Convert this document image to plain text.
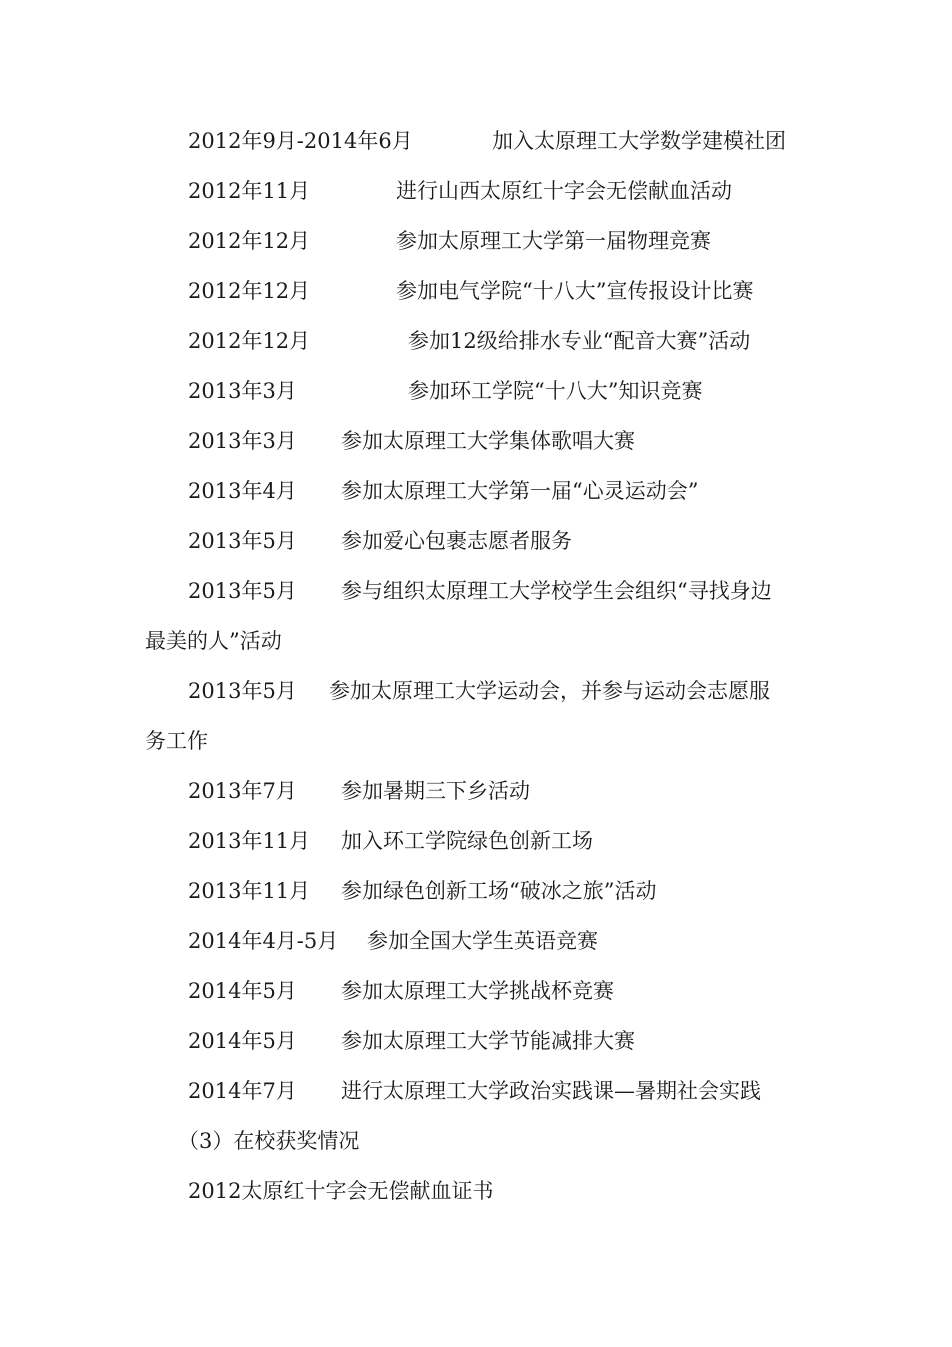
2012年9月-2014年6月	加入太原理工大学数学建模社团
2012年11月	进行山西太原红十字会无偿献血活动
2012年12月	参加太原理工大学第一届物理竞赛
2012年12月	参加电气学院“十八大”宣传报设计比赛
2012年12月	参加12级给排水专业“配音大赛”活动
2013年3月	参加环工学院“十八大”知识竞赛
2013年3月 参加太原理工大学集体歌唱大赛
2013年4月 参加太原理工大学第一届“心灵运动会”
2013年5月 参加爱心包裹志愿者服务
2013年5月 参与组织太原理工大学校学生会组织“寻找身边
最美的人”活动
2013年5月 参加太原理工大学运动会，并参与运动会志愿服
务工作
2013年7月 参加暑期三下乡活动
2013年11月 加入环工学院绿色创新工场
2013年11月 参加绿色创新工场“破冰之旅”活动
2014年4月-5月 参加全国大学生英语竞赛
2014年5月 参加太原理工大学挑战杯竞赛
2014年5月 参加太原理工大学节能减排大赛
2014年7月 进行太原理工大学政治实践课—暑期社会实践
（3）在校获奖情况
2012太原红十字会无偿献血证书
